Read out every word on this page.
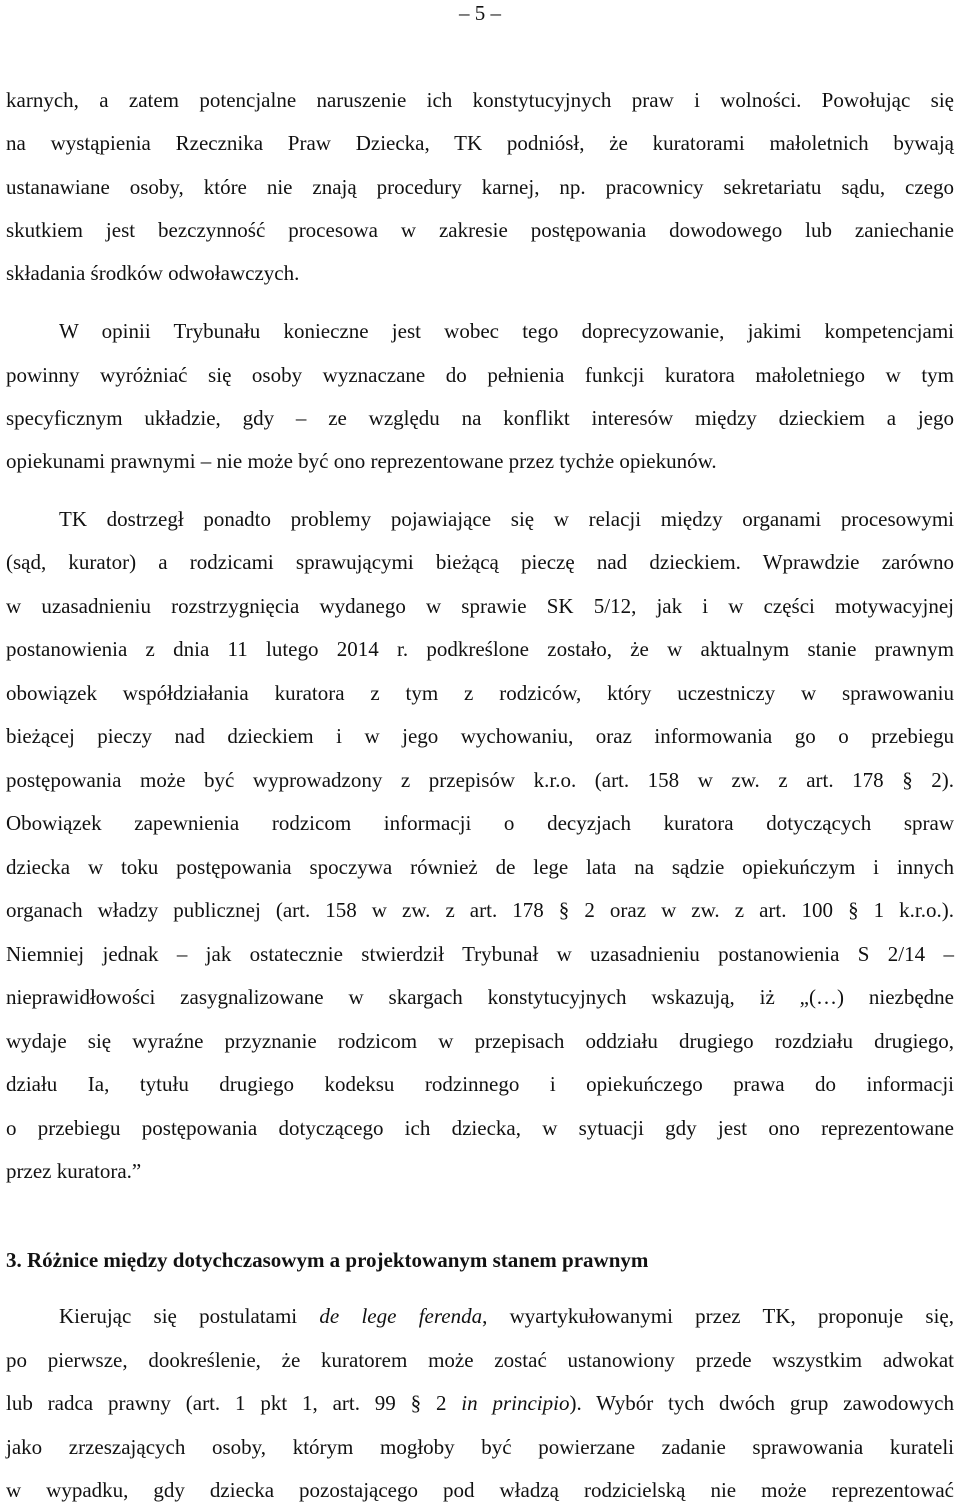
– 5 –
karnych, a zatem potencjalne naruszenie ich konstytucyjnych praw i wolności. Powołując się
na wystąpienia Rzecznika Praw Dziecka, TK podniósł, że kuratorami małoletnich bywają
ustanawiane osoby, które nie znają procedury karnej, np. pracownicy sekretariatu sądu, czego
skutkiem jest bezczynność procesowa w zakresie postępowania dowodowego lub zaniechanie
składania środków odwoławczych.
W opinii Trybunału konieczne jest wobec tego doprecyzowanie, jakimi kompetencjami
powinny wyróżniać się osoby wyznaczane do pełnienia funkcji kuratora małoletniego w tym
specyficznym układzie, gdy – ze względu na konflikt interesów między dzieckiem a jego
opiekunami prawnymi – nie może być ono reprezentowane przez tychże opiekunów.
TK dostrzegł ponadto problemy pojawiające się w relacji między organami procesowymi
(sąd, kurator) a rodzicami sprawującymi bieżącą pieczę nad dzieckiem. Wprawdzie zarówno
w uzasadnieniu rozstrzygnięcia wydanego w sprawie SK 5/12, jak i w części motywacyjnej
postanowienia z dnia 11 lutego 2014 r. podkreślone zostało, że w aktualnym stanie prawnym
obowiązek współdziałania kuratora z tym z rodziców, który uczestniczy w sprawowaniu
bieżącej pieczy nad dzieckiem i w jego wychowaniu, oraz informowania go o przebiegu
postępowania może być wyprowadzony z przepisów k.r.o. (art. 158 w zw. z art. 178 § 2).
Obowiązek zapewnienia rodzicom informacji o decyzjach kuratora dotyczących spraw
dziecka w toku postępowania spoczywa również de lege lata na sądzie opiekuńczym i innych
organach władzy publicznej (art. 158 w zw. z art. 178 § 2 oraz w zw. z art. 100 § 1 k.r.o.).
Niemniej jednak – jak ostatecznie stwierdził Trybunał w uzasadnieniu postanowienia S 2/14 –
nieprawidłowości zasygnalizowane w skargach konstytucyjnych wskazują, iż „(…) niezbędne
wydaje się wyraźne przyznanie rodzicom w przepisach oddziału drugiego rozdziału drugiego,
działu Ia, tytułu drugiego kodeksu rodzinnego i opiekuńczego prawa do informacji
o przebiegu postępowania dotyczącego ich dziecka, w sytuacji gdy jest ono reprezentowane
przez kuratora.”
3. Różnice między dotychczasowym a projektowanym stanem prawnym
Kierując się postulatami de lege ferenda, wyartykułowanymi przez TK, proponuje się,
po pierwsze, dookreślenie, że kuratorem może zostać ustanowiony przede wszystkim adwokat
lub radca prawny (art. 1 pkt 1, art. 99 § 2 in principio). Wybór tych dwóch grup zawodowych
jako zrzeszających osoby, którym mogłoby być powierzane zadanie sprawowania kurateli
w wypadku, gdy dziecka pozostającego pod władzą rodzicielską nie może reprezentować
